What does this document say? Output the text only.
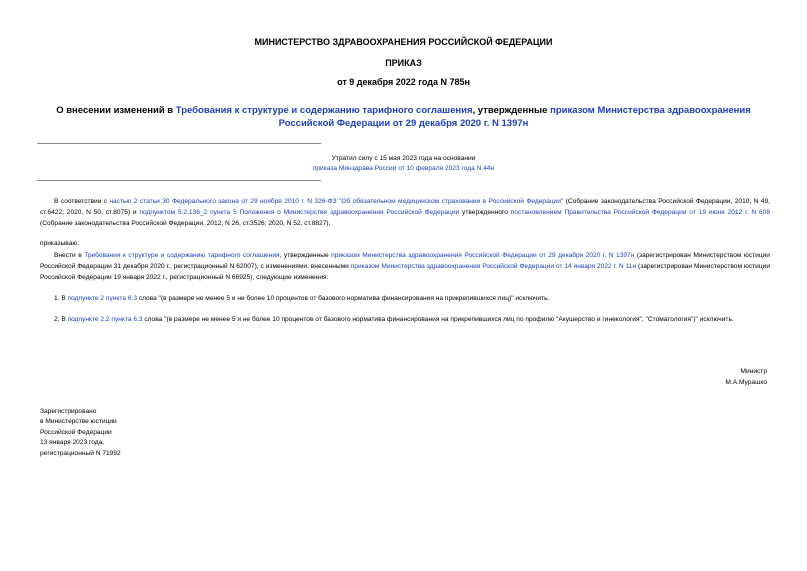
МИНИСТЕРСТВО ЗДРАВООХРАНЕНИЯ РОССИЙСКОЙ ФЕДЕРАЦИИ
ПРИКАЗ
от 9 декабря 2022 года N 785н
О внесении изменений в Требования к структуре и содержанию тарифного соглашения, утвержденные приказом Министерства здравоохранения Российской Федерации от 29 декабря 2020 г. N 1397н
Утратил силу с 15 мая 2023 года на основании
приказа Минздрава России от 10 февраля 2023 года N 44н
В соответствии с частью 2 статьи 30 Федерального закона от 29 ноября 2010 г. N 326-ФЗ "Об обязательном медицинском страховании в Российской Федерации" (Собрание законодательства Российской Федерации, 2010, N 49, ст.6422; 2020, N 50, ст.8075) и подпунктом 5.2.136_2 пункта 5 Положения о Министерстве здравоохранения Российской Федерации утвержденного постановлением Правительства Российской Федерации от 19 июня 2012 г. N 608 (Собрание законодательства Российской Федерации, 2012, N 26, ст.3526; 2020, N 52, ст.8827),
приказываю:
Внести в Требования к структуре и содержанию тарифного соглашения, утвержденные приказом Министерства здравоохранения Российской Федерации от 29 декабря 2020 г. N 1397н (зарегистрирован Министерством юстиции Российской Федерации 31 декабря 2020 г., регистрационный N 62007), с изменениями, внесенными приказом Министерства здравоохранения Российской Федерации от 14 января 2022 г. N 11н (зарегистрирован Министерством юстиции Российской Федерации 19 января 2022 г., регистрационный N 66925), следующие изменения:
1. В подпункте 2 пункта 6.3 слова "(в размере не менее 5 и не более 10 процентов от базового норматива финансирования на прикрепившихся лиц)" исключить.
2. В подпункте 2.2 пункта 6.3 слова "(в размере не менее 5 и не более 10 процентов от базового норматива финансирования на прикрепившихся лиц по профилю "Акушерство и гинекология", "Стоматология")" исключить.
Министр
М.А.Мурашко
Зарегистрировано
в Министерстве юстиции
Российской Федерации
13 января 2023 года,
регистрационный N 71992
